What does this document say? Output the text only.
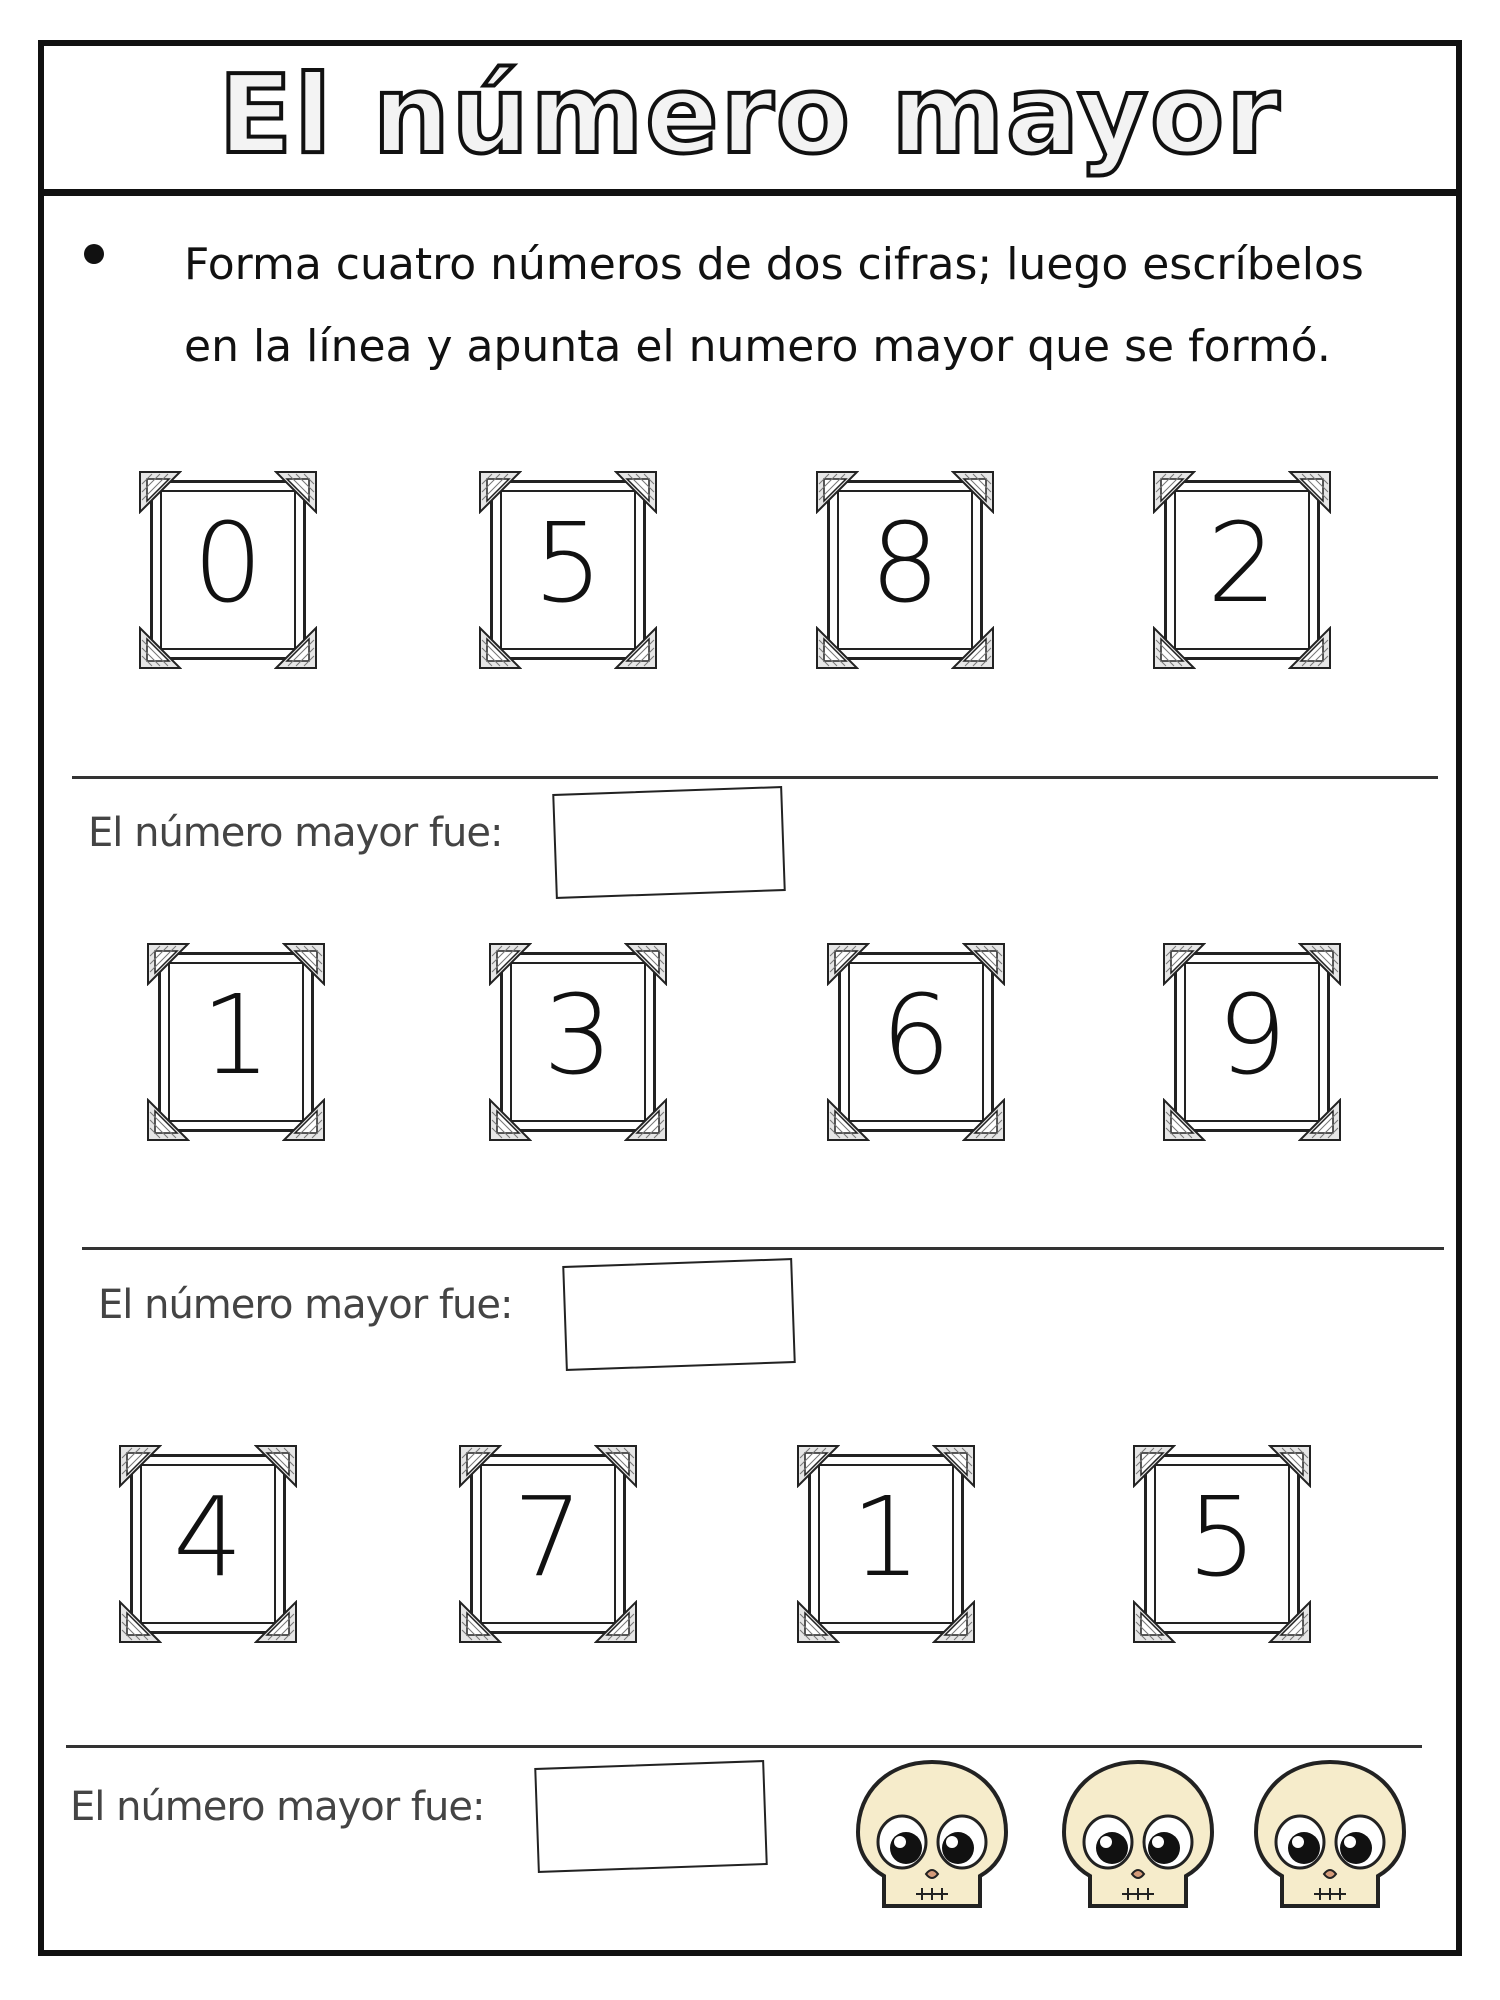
El número mayor
Forma cuatro números de dos cifras; luego escríbelos en la línea y apunta el numero mayor que se formó.
0	5	8	2
El número mayor fue:
1	3	6	9
El número mayor fue:
4	7	1	5
El número mayor fue:
